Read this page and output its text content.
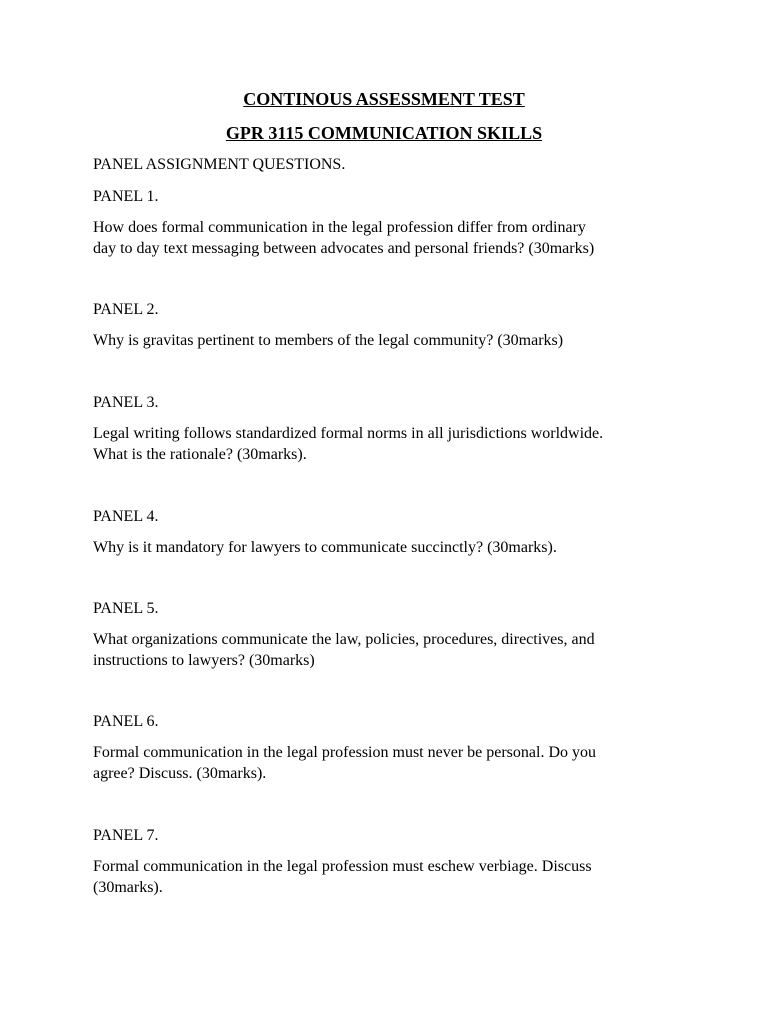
CONTINOUS ASSESSMENT TEST
GPR 3115 COMMUNICATION SKILLS
PANEL ASSIGNMENT QUESTIONS.
PANEL 1.
How does formal communication in the legal profession differ from ordinary
day to day text messaging between advocates and personal friends? (30marks)
PANEL 2.
Why is gravitas pertinent to members of the legal community? (30marks)
PANEL 3.
Legal writing follows standardized formal norms in all jurisdictions worldwide.
What is the rationale? (30marks).
PANEL 4.
Why is it mandatory for lawyers to communicate succinctly? (30marks).
PANEL 5.
What organizations communicate the law, policies, procedures, directives, and
instructions to lawyers? (30marks)
PANEL 6.
Formal communication in the legal profession must never be personal. Do you
agree? Discuss. (30marks).
PANEL 7.
Formal communication in the legal profession must eschew verbiage. Discuss
(30marks).
